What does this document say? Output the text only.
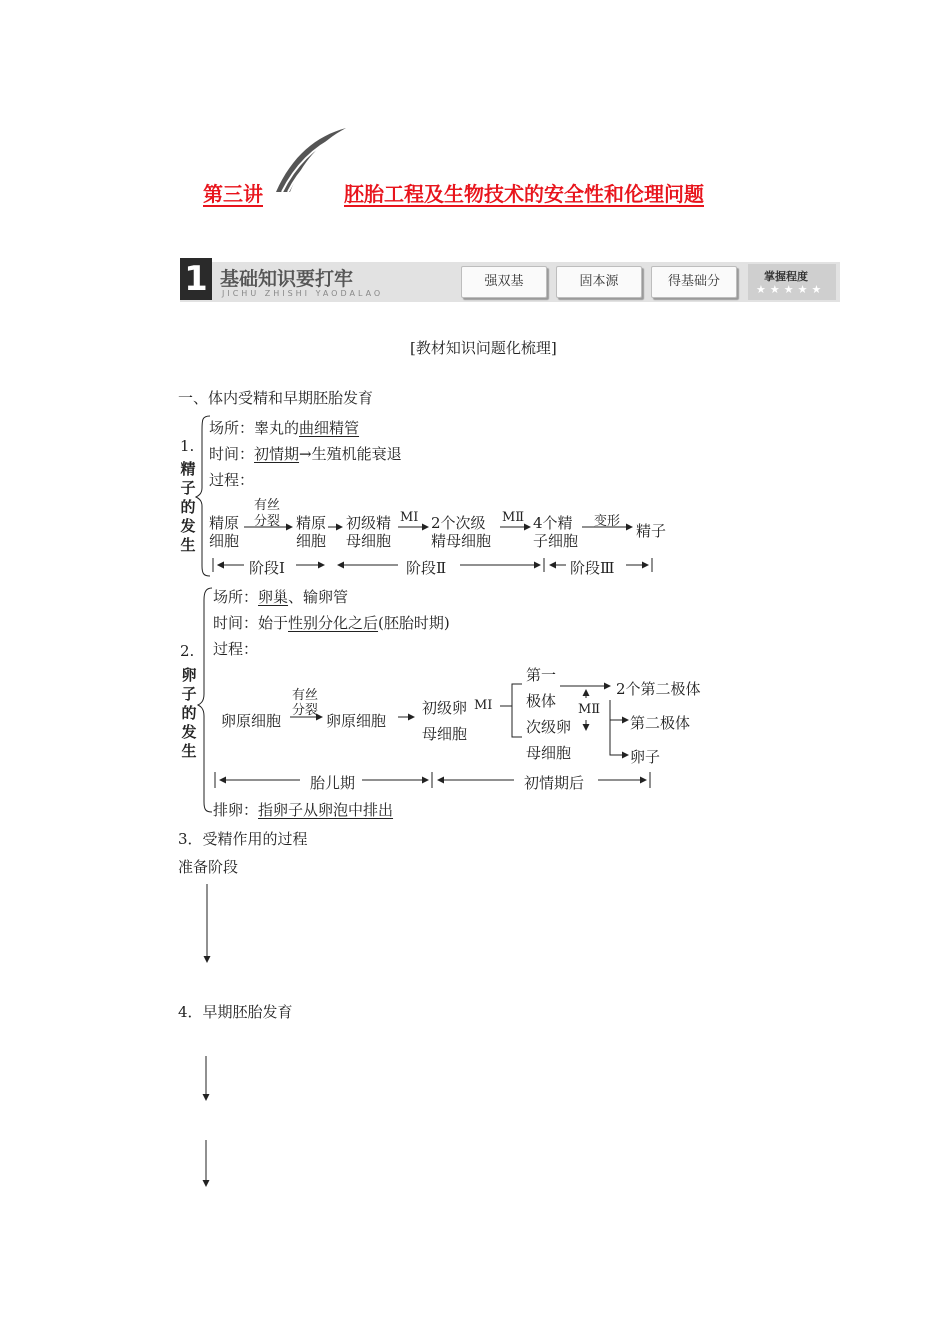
第三讲	胚胎工程及生物技术的安全性和伦理问题
1 基础知识要打牢
JICHU ZHISHI YAODALAO
强双基	固本源	得基础分	掌握程度
★★★★★
[教材知识问题化梳理]
一、体内受精和早期胚胎发育
1.
精子的发生
场所：睾丸的曲细精管
时间：初情期→生殖机能衰退
过程：
精原
细胞
有丝
分裂 精原
细胞
初级精
母细胞
MⅠ 2个次级
精母细胞
MⅡ 4个精
子细胞
变形
精子
阶段Ⅰ	阶段Ⅱ	阶段Ⅲ
2.
卵子的发生
场所：卵巢、输卵管
时间：始于性别分化之后(胚胎时期)
过程：
卵原细胞
有丝
分裂
卵原细胞
初级卵
母细胞
MⅠ
第一
极体
2个第二极体
MⅡ
次级卵
母细胞
第二极体
卵子
胎儿期	初情期后
排卵：指卵子从卵泡中排出
3．受精作用的过程
准备阶段
4．早期胚胎发育
